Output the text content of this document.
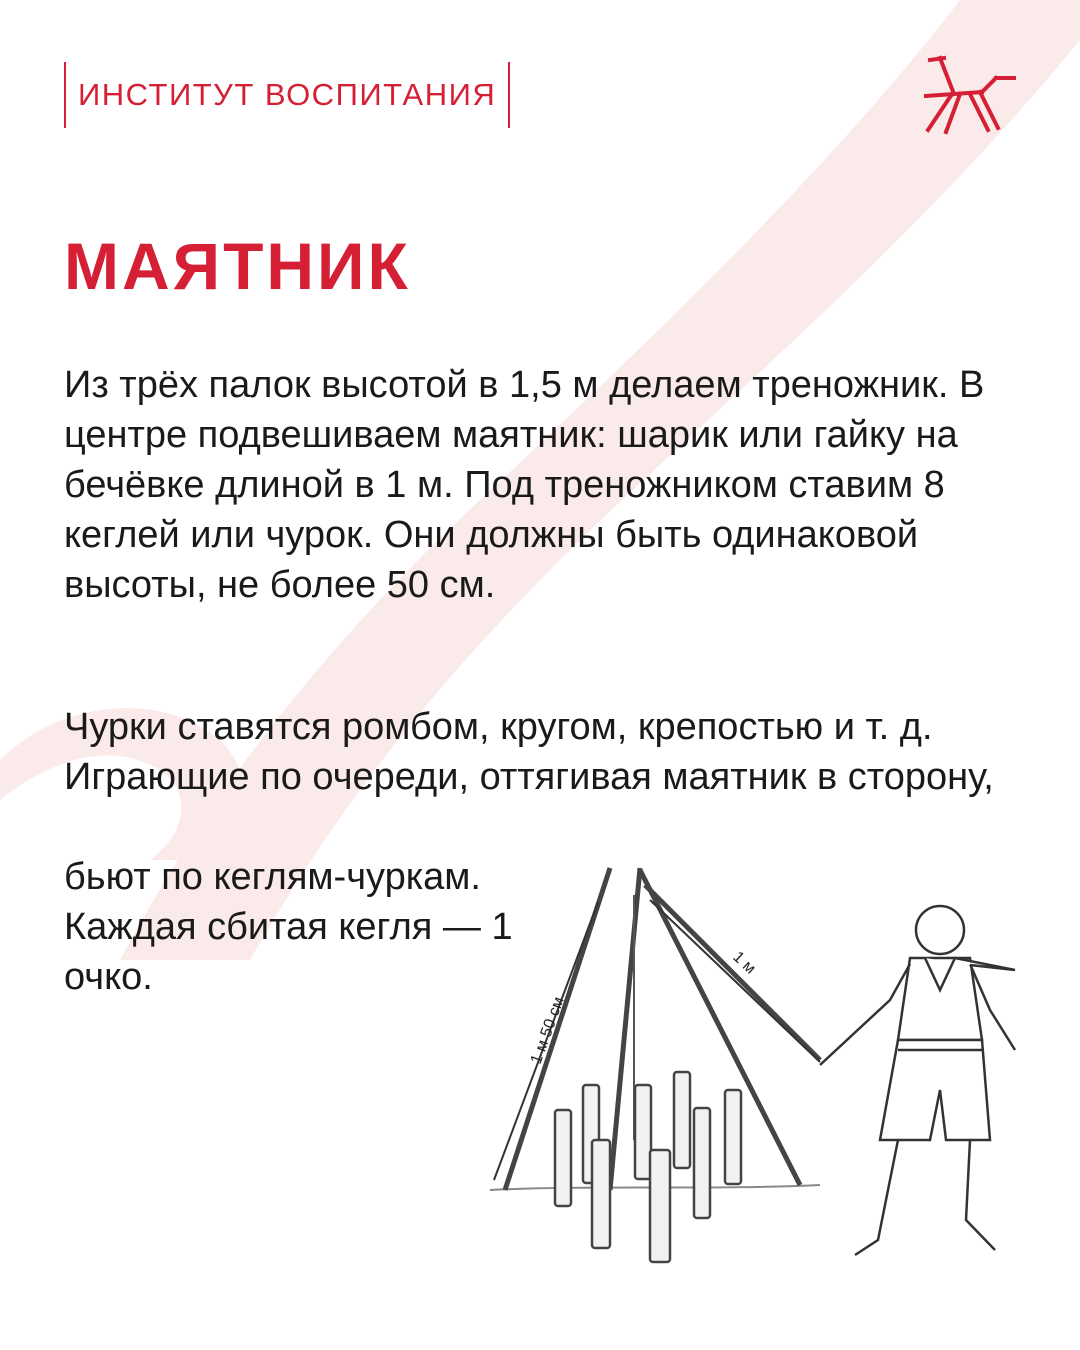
ИНСТИТУТ ВОСПИТАНИЯ
МАЯТНИК

Из трёх палок высотой в 1,5 м делаем треножник. В центре подвешиваем маятник: шарик или гайку на бечёвке длиной в 1 м. Под треножником ставим 8 кеглей или чурок. Они должны быть одинаковой высоты, не более 50 см.

Чурки ставятся ромбом, кругом, крепостью и т. д. Играющие по очереди, оттягивая маятник в сторону,

бьют по кеглям-чуркам. Каждая сбитая кегля — 1 очко.

1 м 50 см
1 м
